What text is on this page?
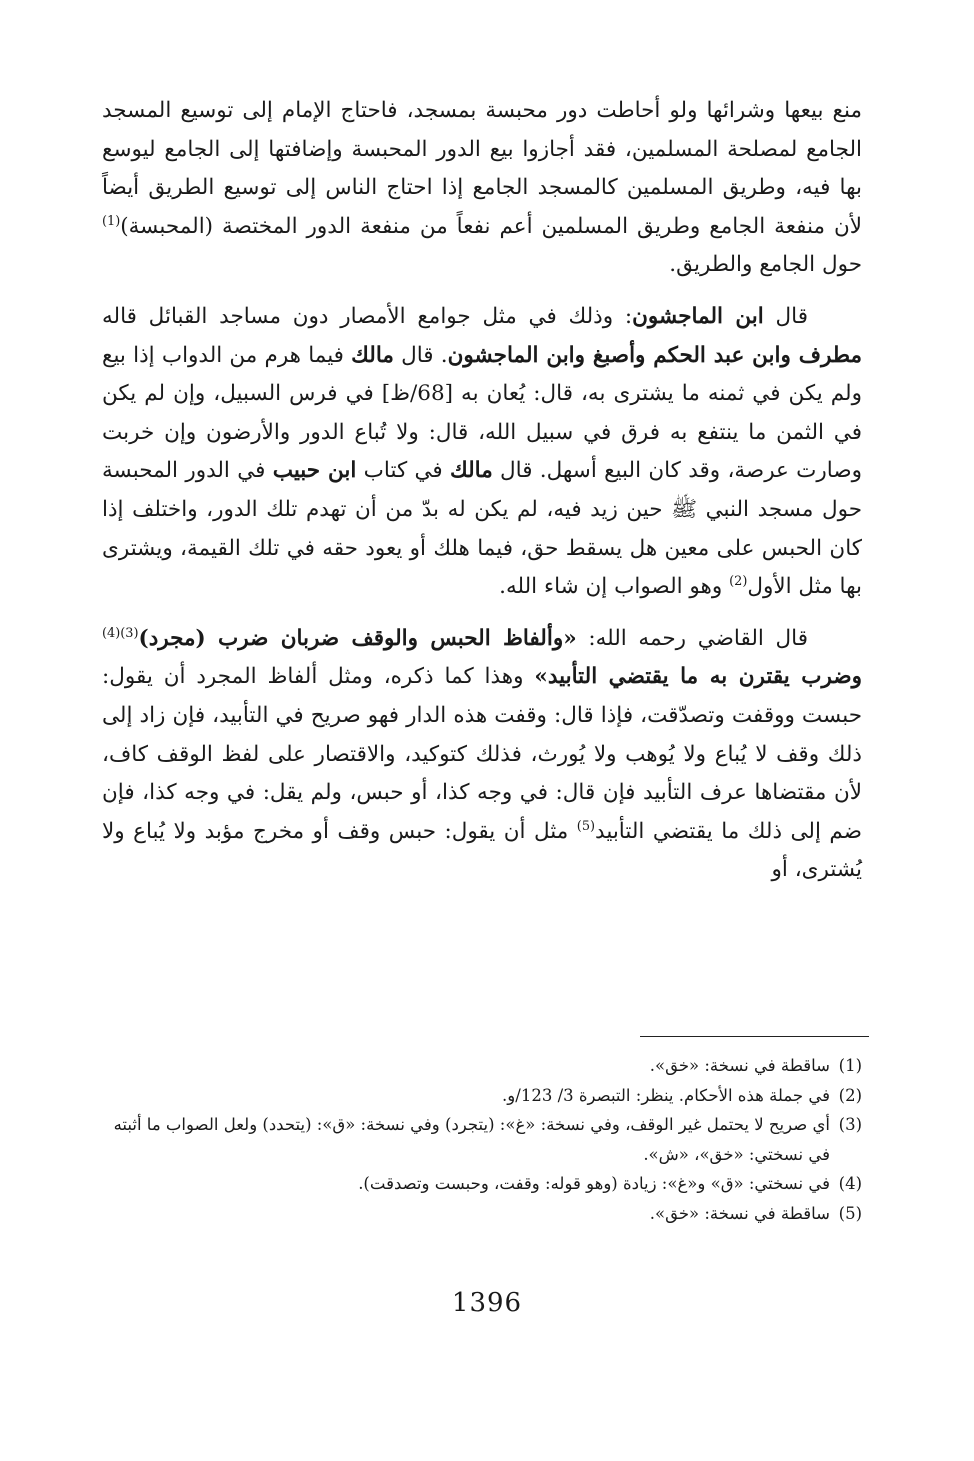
منع بيعها وشرائها ولو أحاطت دور محبسة بمسجد، فاحتاج الإمام إلى توسيع المسجد الجامع لمصلحة المسلمين، فقد أجازوا بيع الدور المحبسة وإضافتها إلى الجامع ليوسع بها فيه، وطريق المسلمين كالمسجد الجامع إذا احتاج الناس إلى توسيع الطريق أيضاً لأن منفعة الجامع وطريق المسلمين أعم نفعاً من منفعة الدور المختصة (المحبسة)$^{(1)}$ حول الجامع والطريق.

قال ابن الماجشون: وذلك في مثل جوامع الأمصار دون مساجد القبائل قاله مطرف وابن عبد الحكم وأصبغ وابن الماجشون. قال مالك فيما هرم من الدواب إذا بيع ولم يكن في ثمنه ما يشترى به، قال: يُعان به [68/ظ] في فرس السبيل، وإن لم يكن في الثمن ما ينتفع به فرق في سبيل الله، قال: ولا تُباع الدور والأرضون وإن خربت وصارت عرصة، وقد كان البيع أسهل. قال مالك في كتاب ابن حبيب في الدور المحبسة حول مسجد النبي ﷺ حين زيد فيه، لم يكن له بدّ من أن تهدم تلك الدور، واختلف إذا كان الحبس على معين هل يسقط حق، فيما هلك أو يعود حقه في تلك القيمة، ويشترى بها مثل الأول$^{(2)}$ وهو الصواب إن شاء الله.

قال القاضي رحمه الله: «وألفاظ الحبس والوقف ضربان ضرب (مجرد)$^{(3)(4)}$ وضرب يقترن به ما يقتضي التأبيد» وهذا كما ذكره، ومثل ألفاظ المجرد أن يقول: حبست ووقفت وتصدّقت، فإذا قال: وقفت هذه الدار فهو صريح في التأبيد، فإن زاد إلى ذلك وقف لا يُباع ولا يُوهب ولا يُورث، فذلك كتوكيد، والاقتصار على لفظ الوقف كاف، لأن مقتضاها عرف التأبيد فإن قال: في وجه كذا، أو حبس، ولم يقل: في وجه كذا، فإن ضم إلى ذلك ما يقتضي التأبيد$^{(5)}$ مثل أن يقول: حبس وقف أو مخرج مؤبد ولا يُباع ولا يُشترى، أو

(1)
ساقطة في نسخة: «خق».
(2)
في جملة هذه الأحكام. ينظر: التبصرة 3/ 123/و.
(3)
أي صريح لا يحتمل غير الوقف، وفي نسخة: «غ»: (يتجرد) وفي نسخة: «ق»: (يتحدد) ولعل الصواب ما أثبته في نسختي: «خق»، «ش».
(4)
في نسختي: «ق» و«غ»: زيادة (وهو قوله: وقفت، وحبست وتصدقت).
(5)
ساقطة في نسخة: «خق».
1396
